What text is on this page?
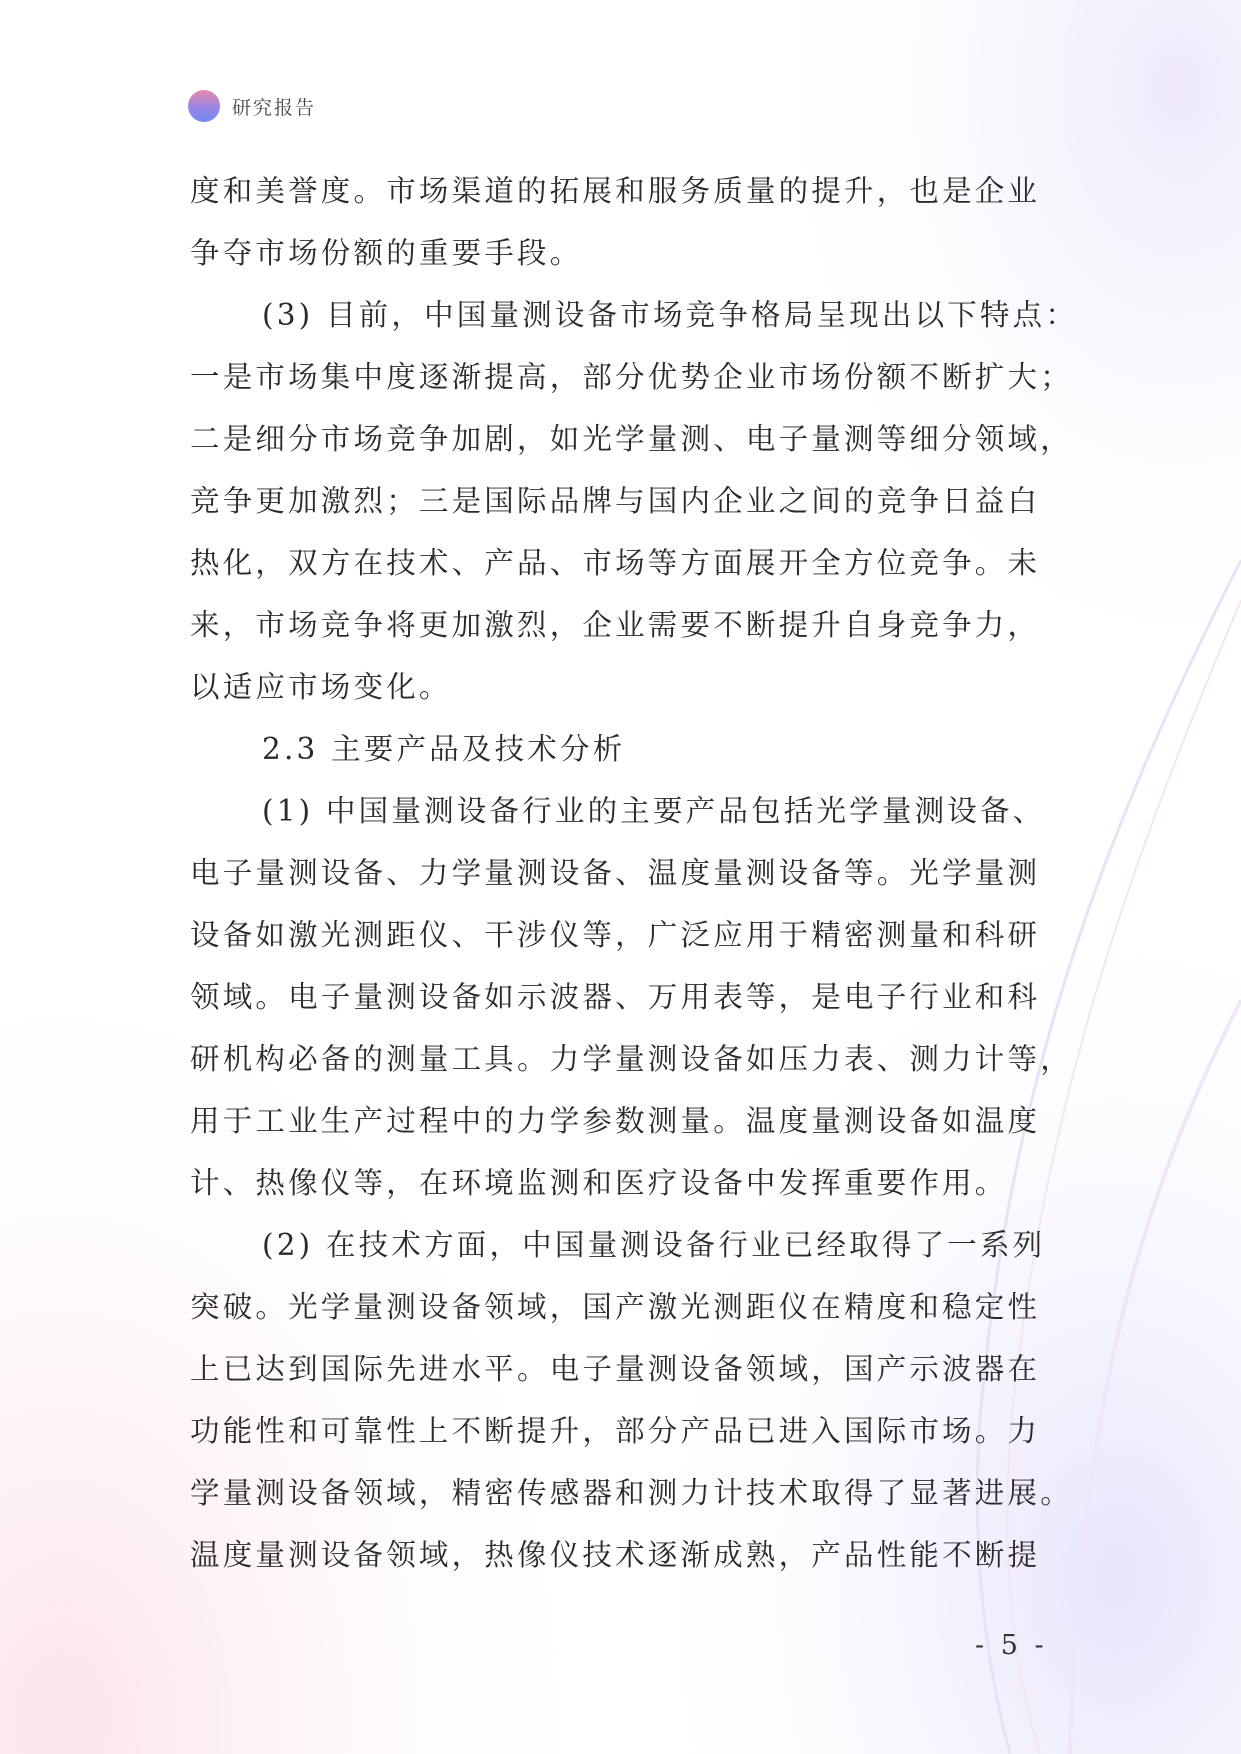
研究报告
度和美誉度。市场渠道的拓展和服务质量的提升，也是企业
争夺市场份额的重要手段。
(3) 目前，中国量测设备市场竞争格局呈现出以下特点：
一是市场集中度逐渐提高，部分优势企业市场份额不断扩大；
二是细分市场竞争加剧，如光学量测、电子量测等细分领域，
竞争更加激烈；三是国际品牌与国内企业之间的竞争日益白
热化，双方在技术、产品、市场等方面展开全方位竞争。未
来，市场竞争将更加激烈，企业需要不断提升自身竞争力，
以适应市场变化。
2.3 主要产品及技术分析
(1) 中国量测设备行业的主要产品包括光学量测设备、
电子量测设备、力学量测设备、温度量测设备等。光学量测
设备如激光测距仪、干涉仪等，广泛应用于精密测量和科研
领域。电子量测设备如示波器、万用表等，是电子行业和科
研机构必备的测量工具。力学量测设备如压力表、测力计等，
用于工业生产过程中的力学参数测量。温度量测设备如温度
计、热像仪等，在环境监测和医疗设备中发挥重要作用。
(2) 在技术方面，中国量测设备行业已经取得了一系列
突破。光学量测设备领域，国产激光测距仪在精度和稳定性
上已达到国际先进水平。电子量测设备领域，国产示波器在
功能性和可靠性上不断提升，部分产品已进入国际市场。力
学量测设备领域，精密传感器和测力计技术取得了显著进展。
温度量测设备领域，热像仪技术逐渐成熟，产品性能不断提
- 5 -
